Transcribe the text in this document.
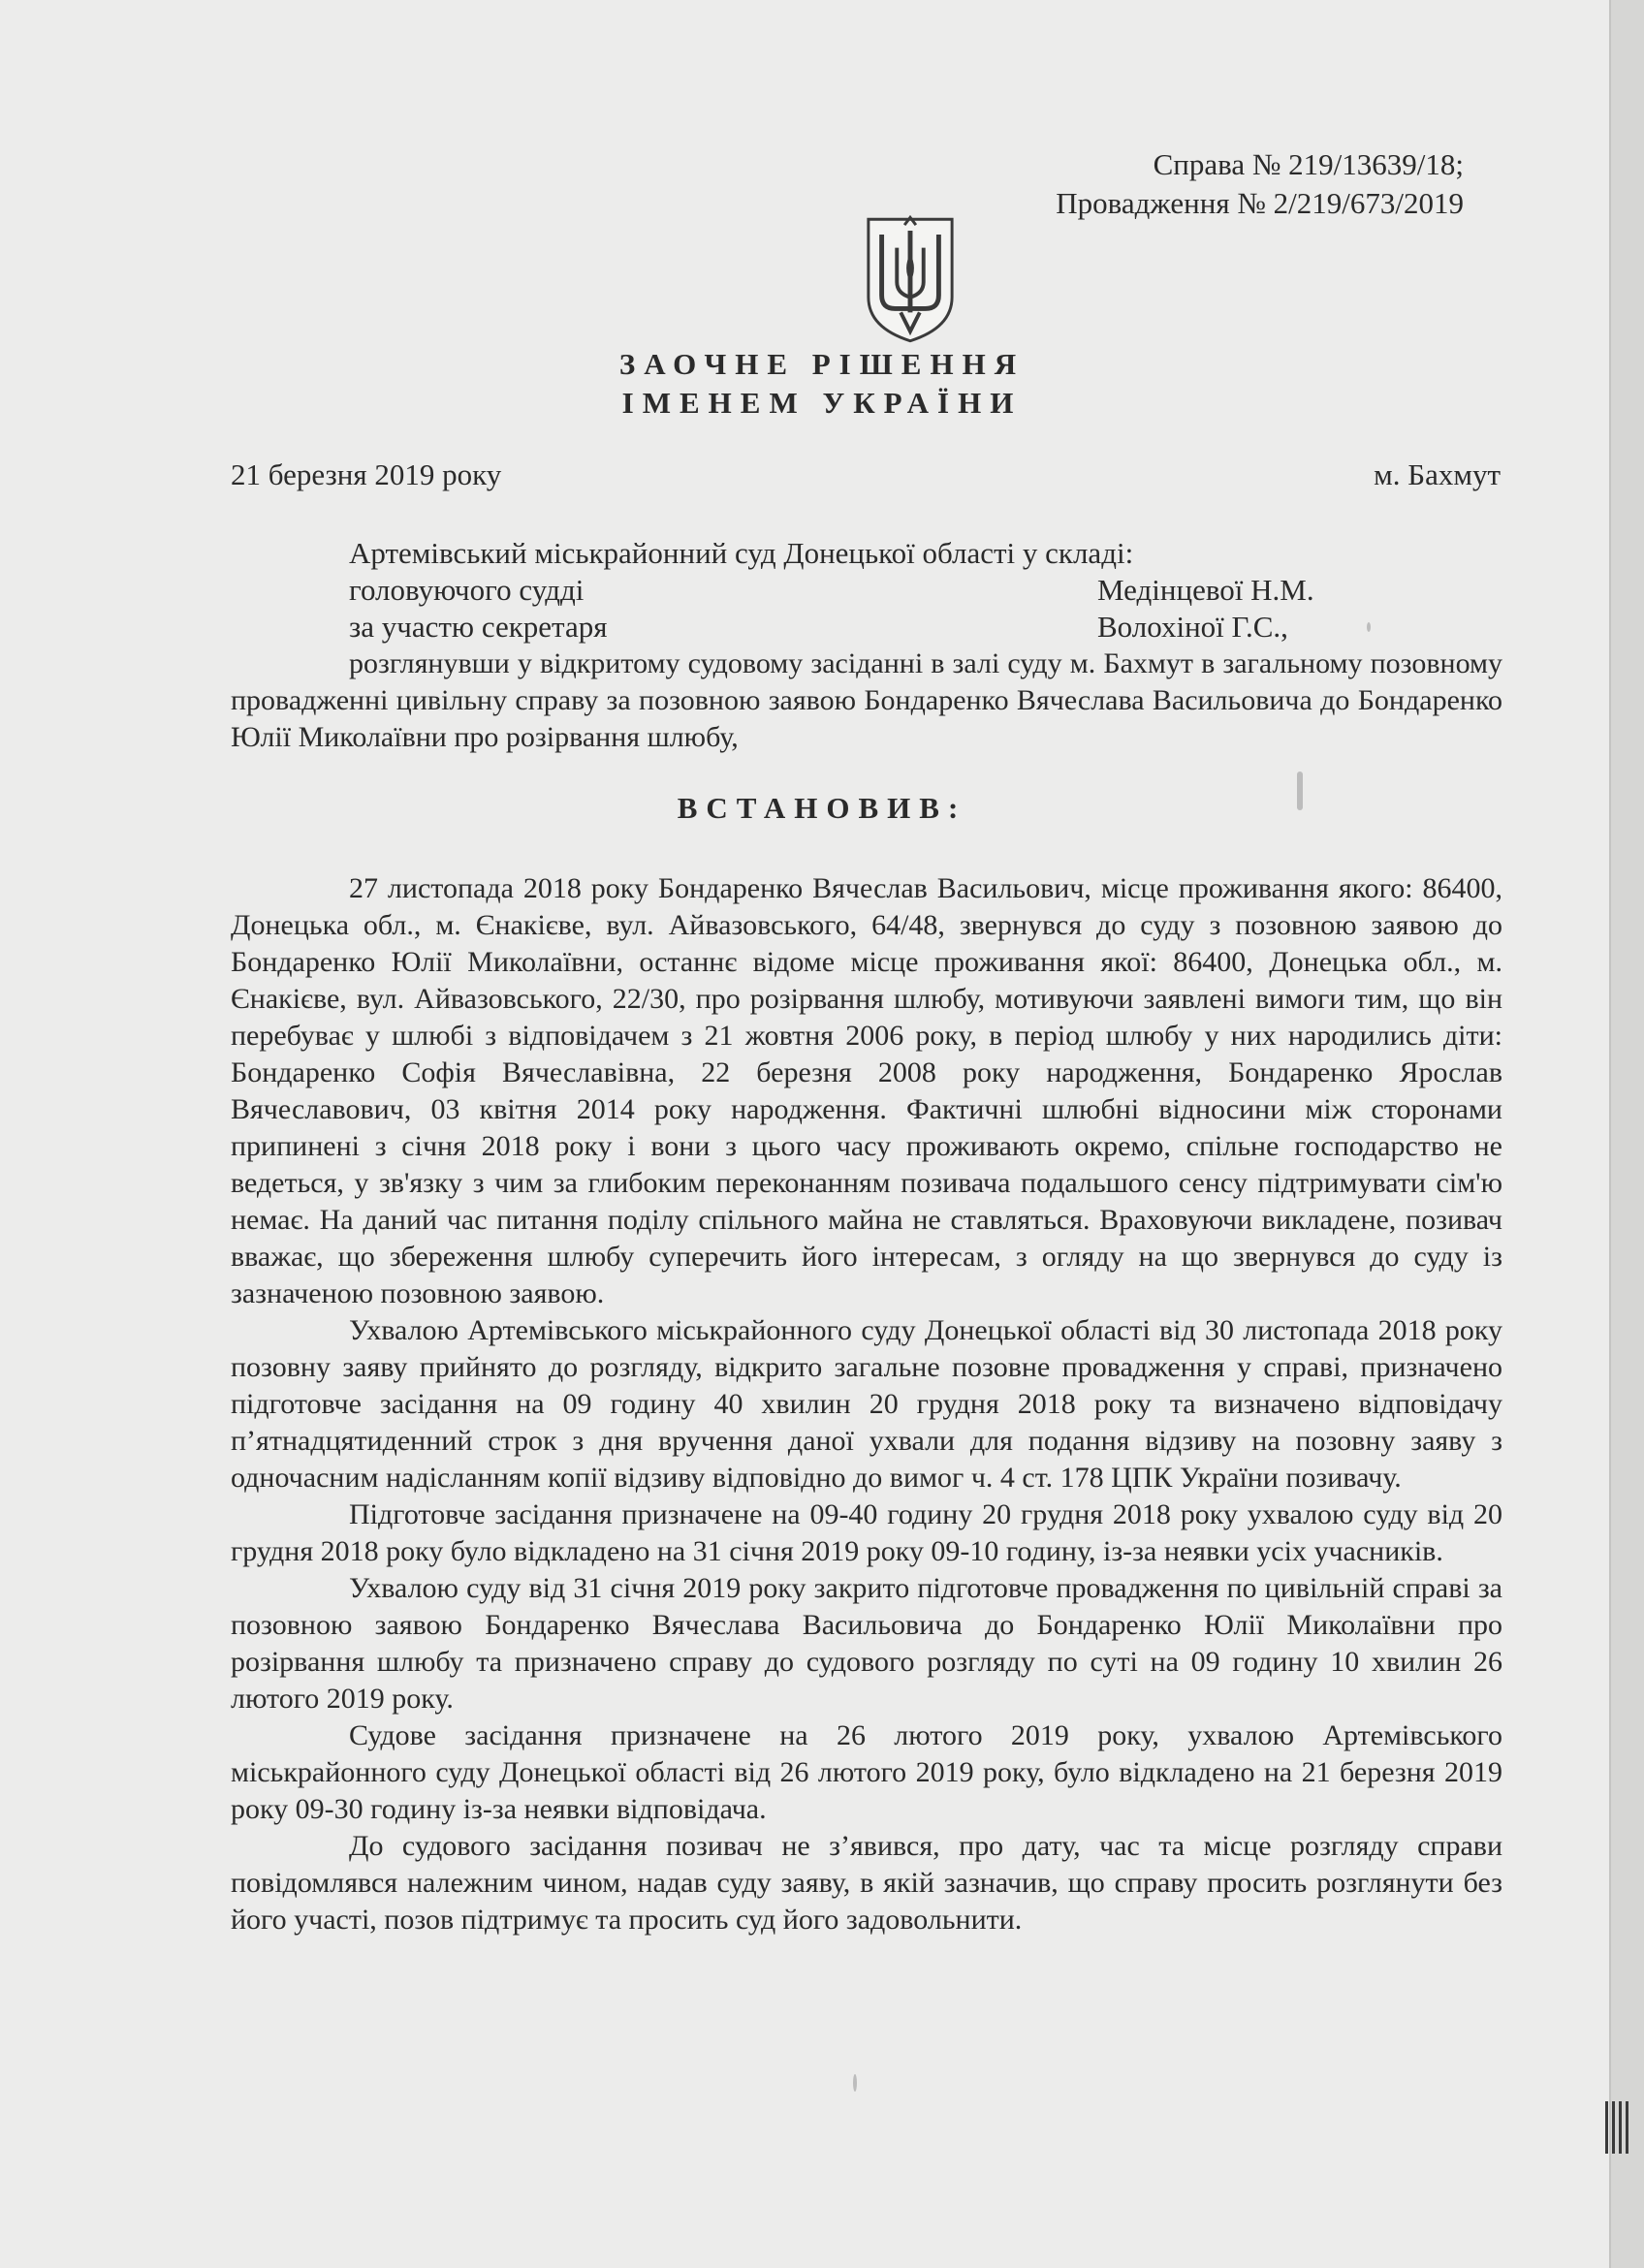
Справа № 219/13639/18;
Провадження № 2/219/673/2019
ЗАОЧНЕ РІШЕННЯ
ІМЕНЕМ УКРАЇНИ
21 березня 2019 року	м. Бахмут
Артемівський міськрайонний суд Донецької області у складі:
головуючого судді	Медінцевої Н.М.
за участю секретаря	Волохіної Г.С.,

розглянувши у відкритому судовому засіданні в залі суду м. Бахмут в загальному позовному провадженні цивільну справу за позовною заявою Бондаренко Вячеслава Васильовича до Бондаренко Юлії Миколаївни про розірвання шлюбу,

ВСТАНОВИВ:

27 листопада 2018 року Бондаренко Вячеслав Васильович, місце проживання якого: 86400, Донецька обл., м. Єнакієве, вул. Айвазовського, 64/48, звернувся до суду з позовною заявою до Бондаренко Юлії Миколаївни, останнє відоме місце проживання якої: 86400, Донецька обл., м. Єнакієве, вул. Айвазовського, 22/30, про розірвання шлюбу, мотивуючи заявлені вимоги тим, що він перебуває у шлюбі з відповідачем з 21 жовтня 2006 року, в період шлюбу у них народились діти: Бондаренко Софія Вячеславівна, 22 березня 2008 року народження, Бондаренко Ярослав Вячеславович, 03 квітня 2014 року народження. Фактичні шлюбні відносини між сторонами припинені з січня 2018 року і вони з цього часу проживають окремо, спільне господарство не ведеться, у зв'язку з чим за глибоким переконанням позивача подальшого сенсу підтримувати сім'ю немає. На даний час питання поділу спільного майна не ставляться. Враховуючи викладене, позивач вважає, що збереження шлюбу суперечить його інтересам, з огляду на що звернувся до суду із зазначеною позовною заявою.

Ухвалою Артемівського міськрайонного суду Донецької області від 30 листопада 2018 року позовну заяву прийнято до розгляду, відкрито загальне позовне провадження у справі, призначено підготовче засідання на 09 годину 40 хвилин 20 грудня 2018 року та визначено відповідачу п’ятнадцятиденний строк з дня вручення даної ухвали для подання відзиву на позовну заяву з одночасним надісланням копії відзиву відповідно до вимог ч. 4 ст. 178 ЦПК України позивачу.

Підготовче засідання призначене на 09-40 годину 20 грудня 2018 року ухвалою суду від 20 грудня 2018 року було відкладено на 31 січня 2019 року 09-10 годину, із-за неявки усіх учасників.

Ухвалою суду від 31 січня 2019 року закрито підготовче провадження по цивільній справі за позовною заявою Бондаренко Вячеслава Васильовича до Бондаренко Юлії Миколаївни про розірвання шлюбу та призначено справу до судового розгляду по суті на 09 годину 10 хвилин 26 лютого 2019 року.

Судове засідання призначене на 26 лютого 2019 року, ухвалою Артемівського міськрайонного суду Донецької області від 26 лютого 2019 року, було відкладено на 21 березня 2019 року 09-30 годину із-за неявки відповідача.

До судового засідання позивач не з’явився, про дату, час та місце розгляду справи повідомлявся належним чином, надав суду заяву, в якій зазначив, що справу просить розглянути без його участі, позов підтримує та просить суд його задовольнити.
